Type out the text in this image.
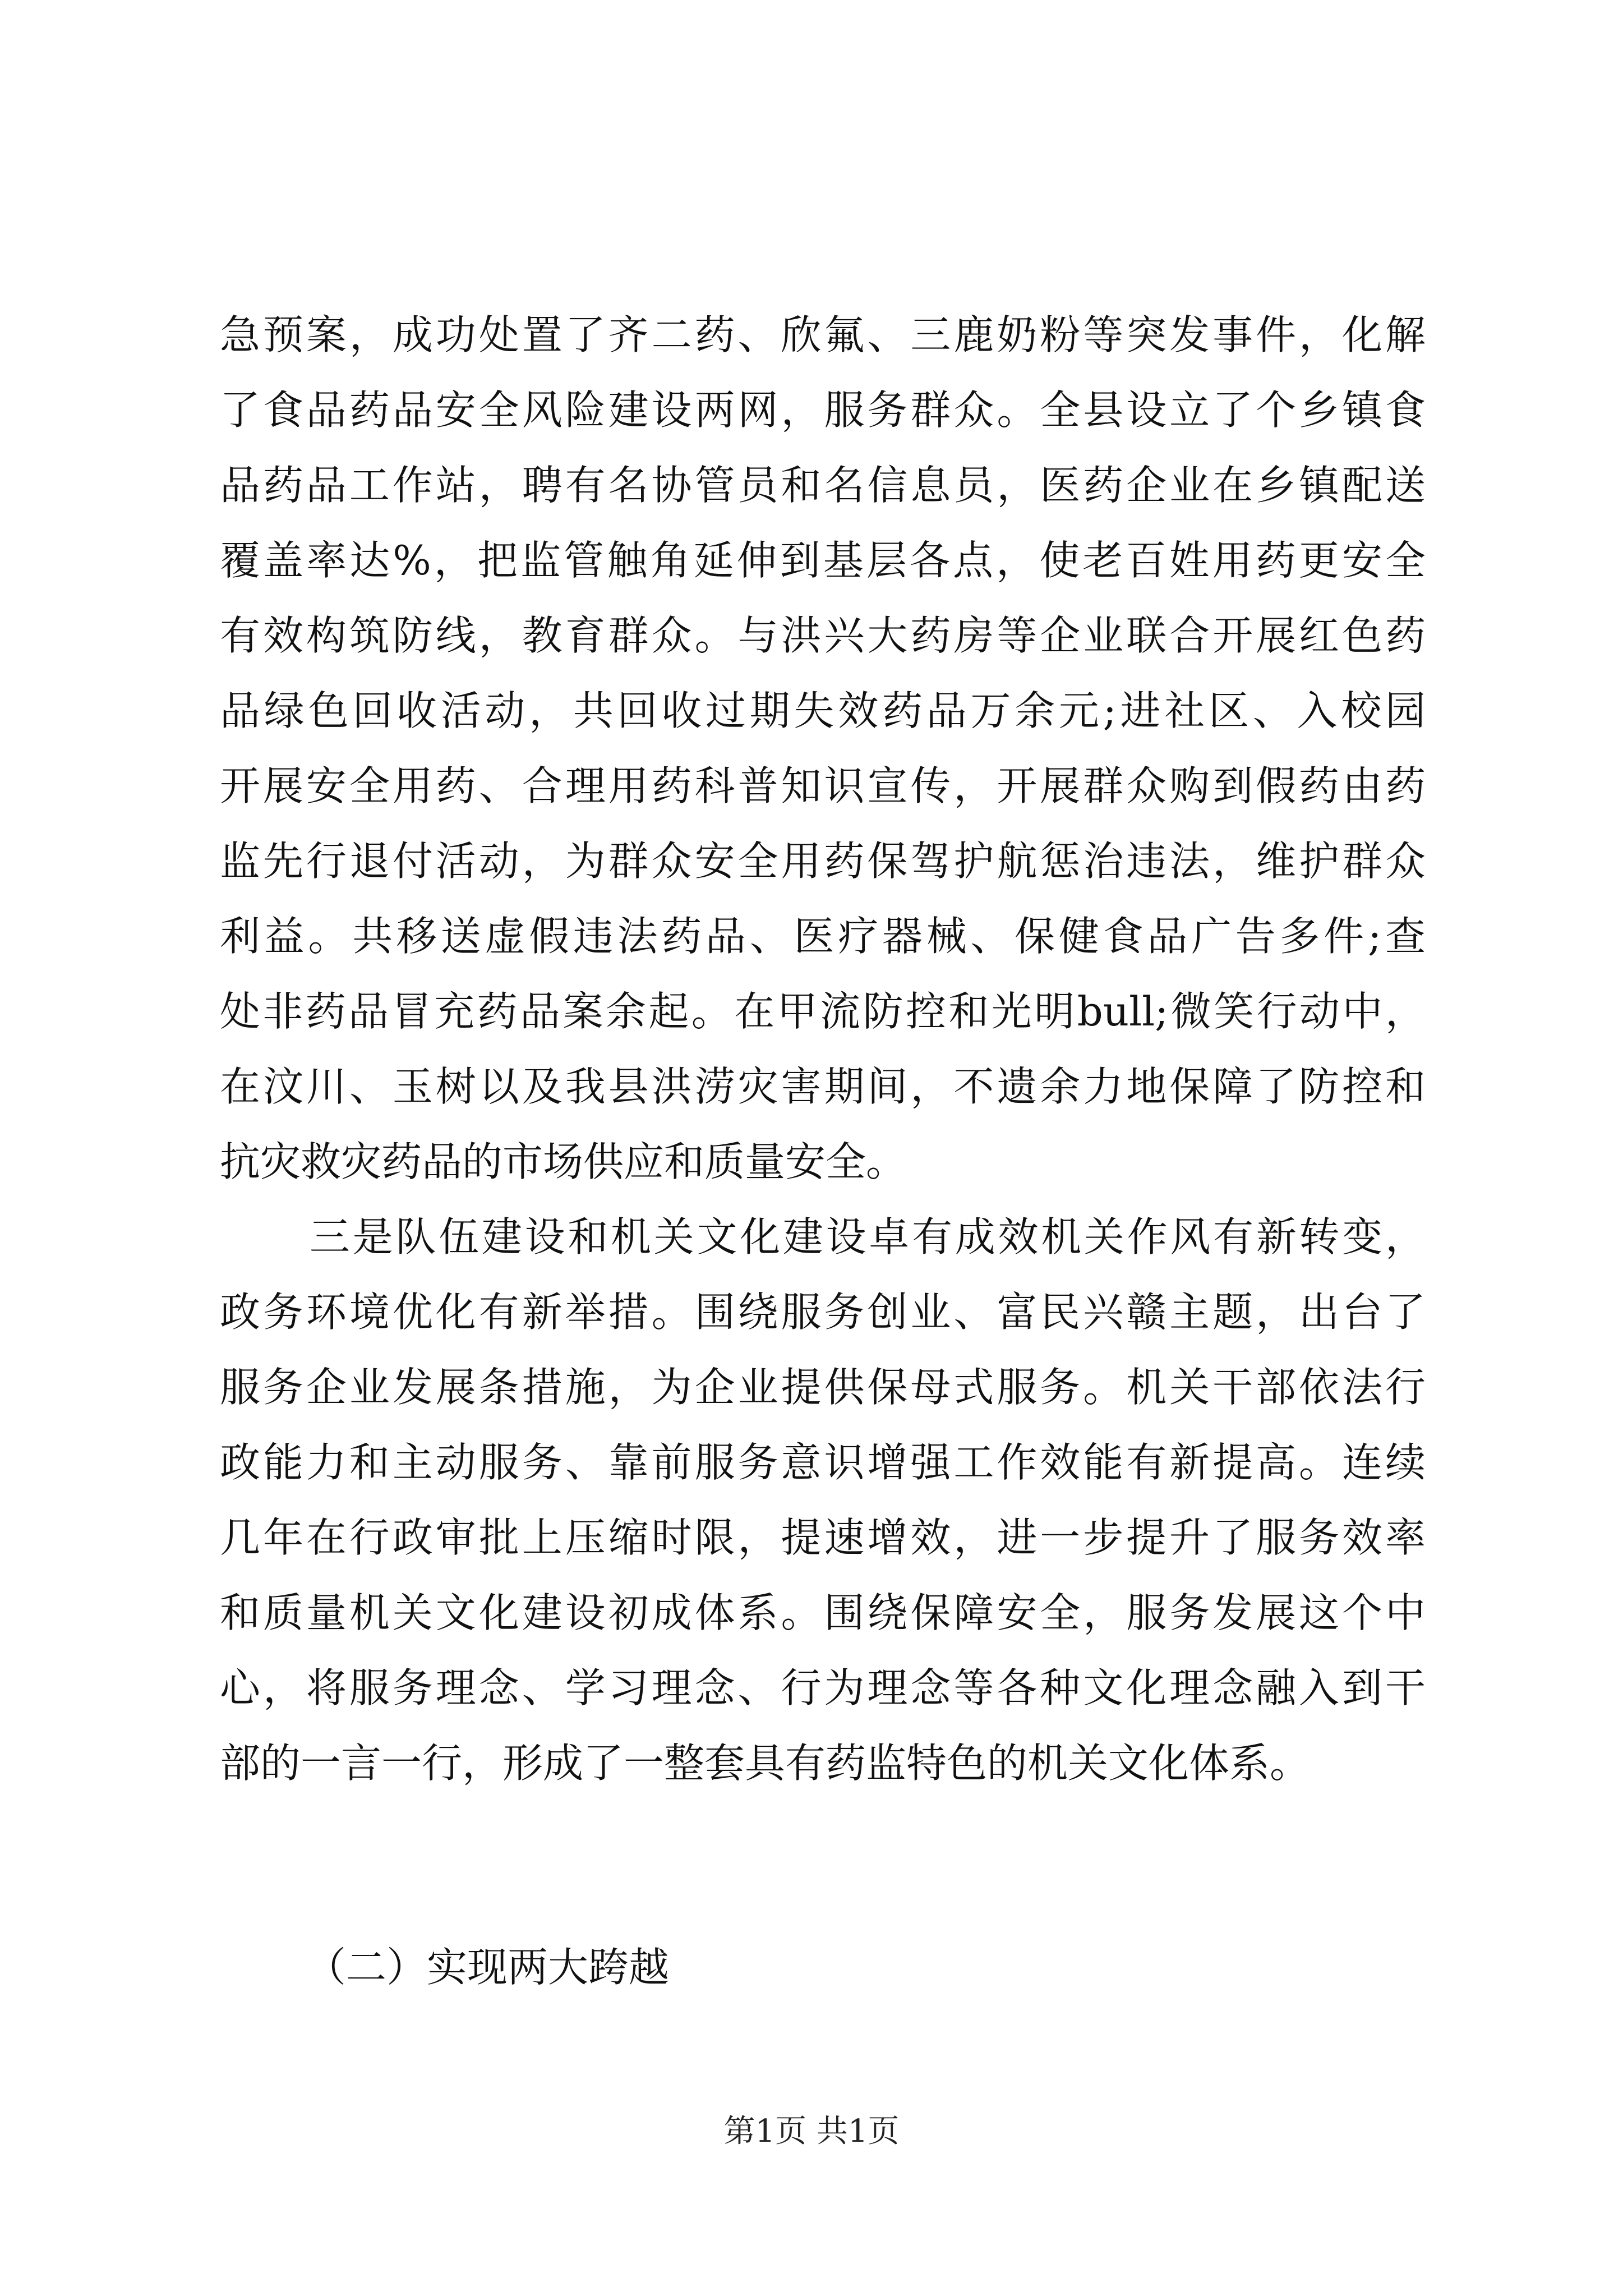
急预案，成功处置了齐二药、欣氟、三鹿奶粉等突发事件，化解
了食品药品安全风险建设两网，服务群众。全县设立了个乡镇食
品药品工作站，聘有名协管员和名信息员，医药企业在乡镇配送
覆盖率达%，把监管触角延伸到基层各点，使老百姓用药更安全
有效构筑防线，教育群众。与洪兴大药房等企业联合开展红色药
品绿色回收活动，共回收过期失效药品万余元;进社区、入校园
开展安全用药、合理用药科普知识宣传，开展群众购到假药由药
监先行退付活动，为群众安全用药保驾护航惩治违法，维护群众
利益。共移送虚假违法药品、医疗器械、保健食品广告多件;查
处非药品冒充药品案余起。在甲流防控和光明bull;微笑行动中，
在汶川、玉树以及我县洪涝灾害期间，不遗余力地保障了防控和
抗灾救灾药品的市场供应和质量安全。
三是队伍建设和机关文化建设卓有成效机关作风有新转变，
政务环境优化有新举措。围绕服务创业、富民兴赣主题，出台了
服务企业发展条措施，为企业提供保母式服务。机关干部依法行
政能力和主动服务、靠前服务意识增强工作效能有新提高。连续
几年在行政审批上压缩时限，提速增效，进一步提升了服务效率
和质量机关文化建设初成体系。围绕保障安全，服务发展这个中
心，将服务理念、学习理念、行为理念等各种文化理念融入到干
部的一言一行，形成了一整套具有药监特色的机关文化体系。
（二）实现两大跨越
第1页 共1页
